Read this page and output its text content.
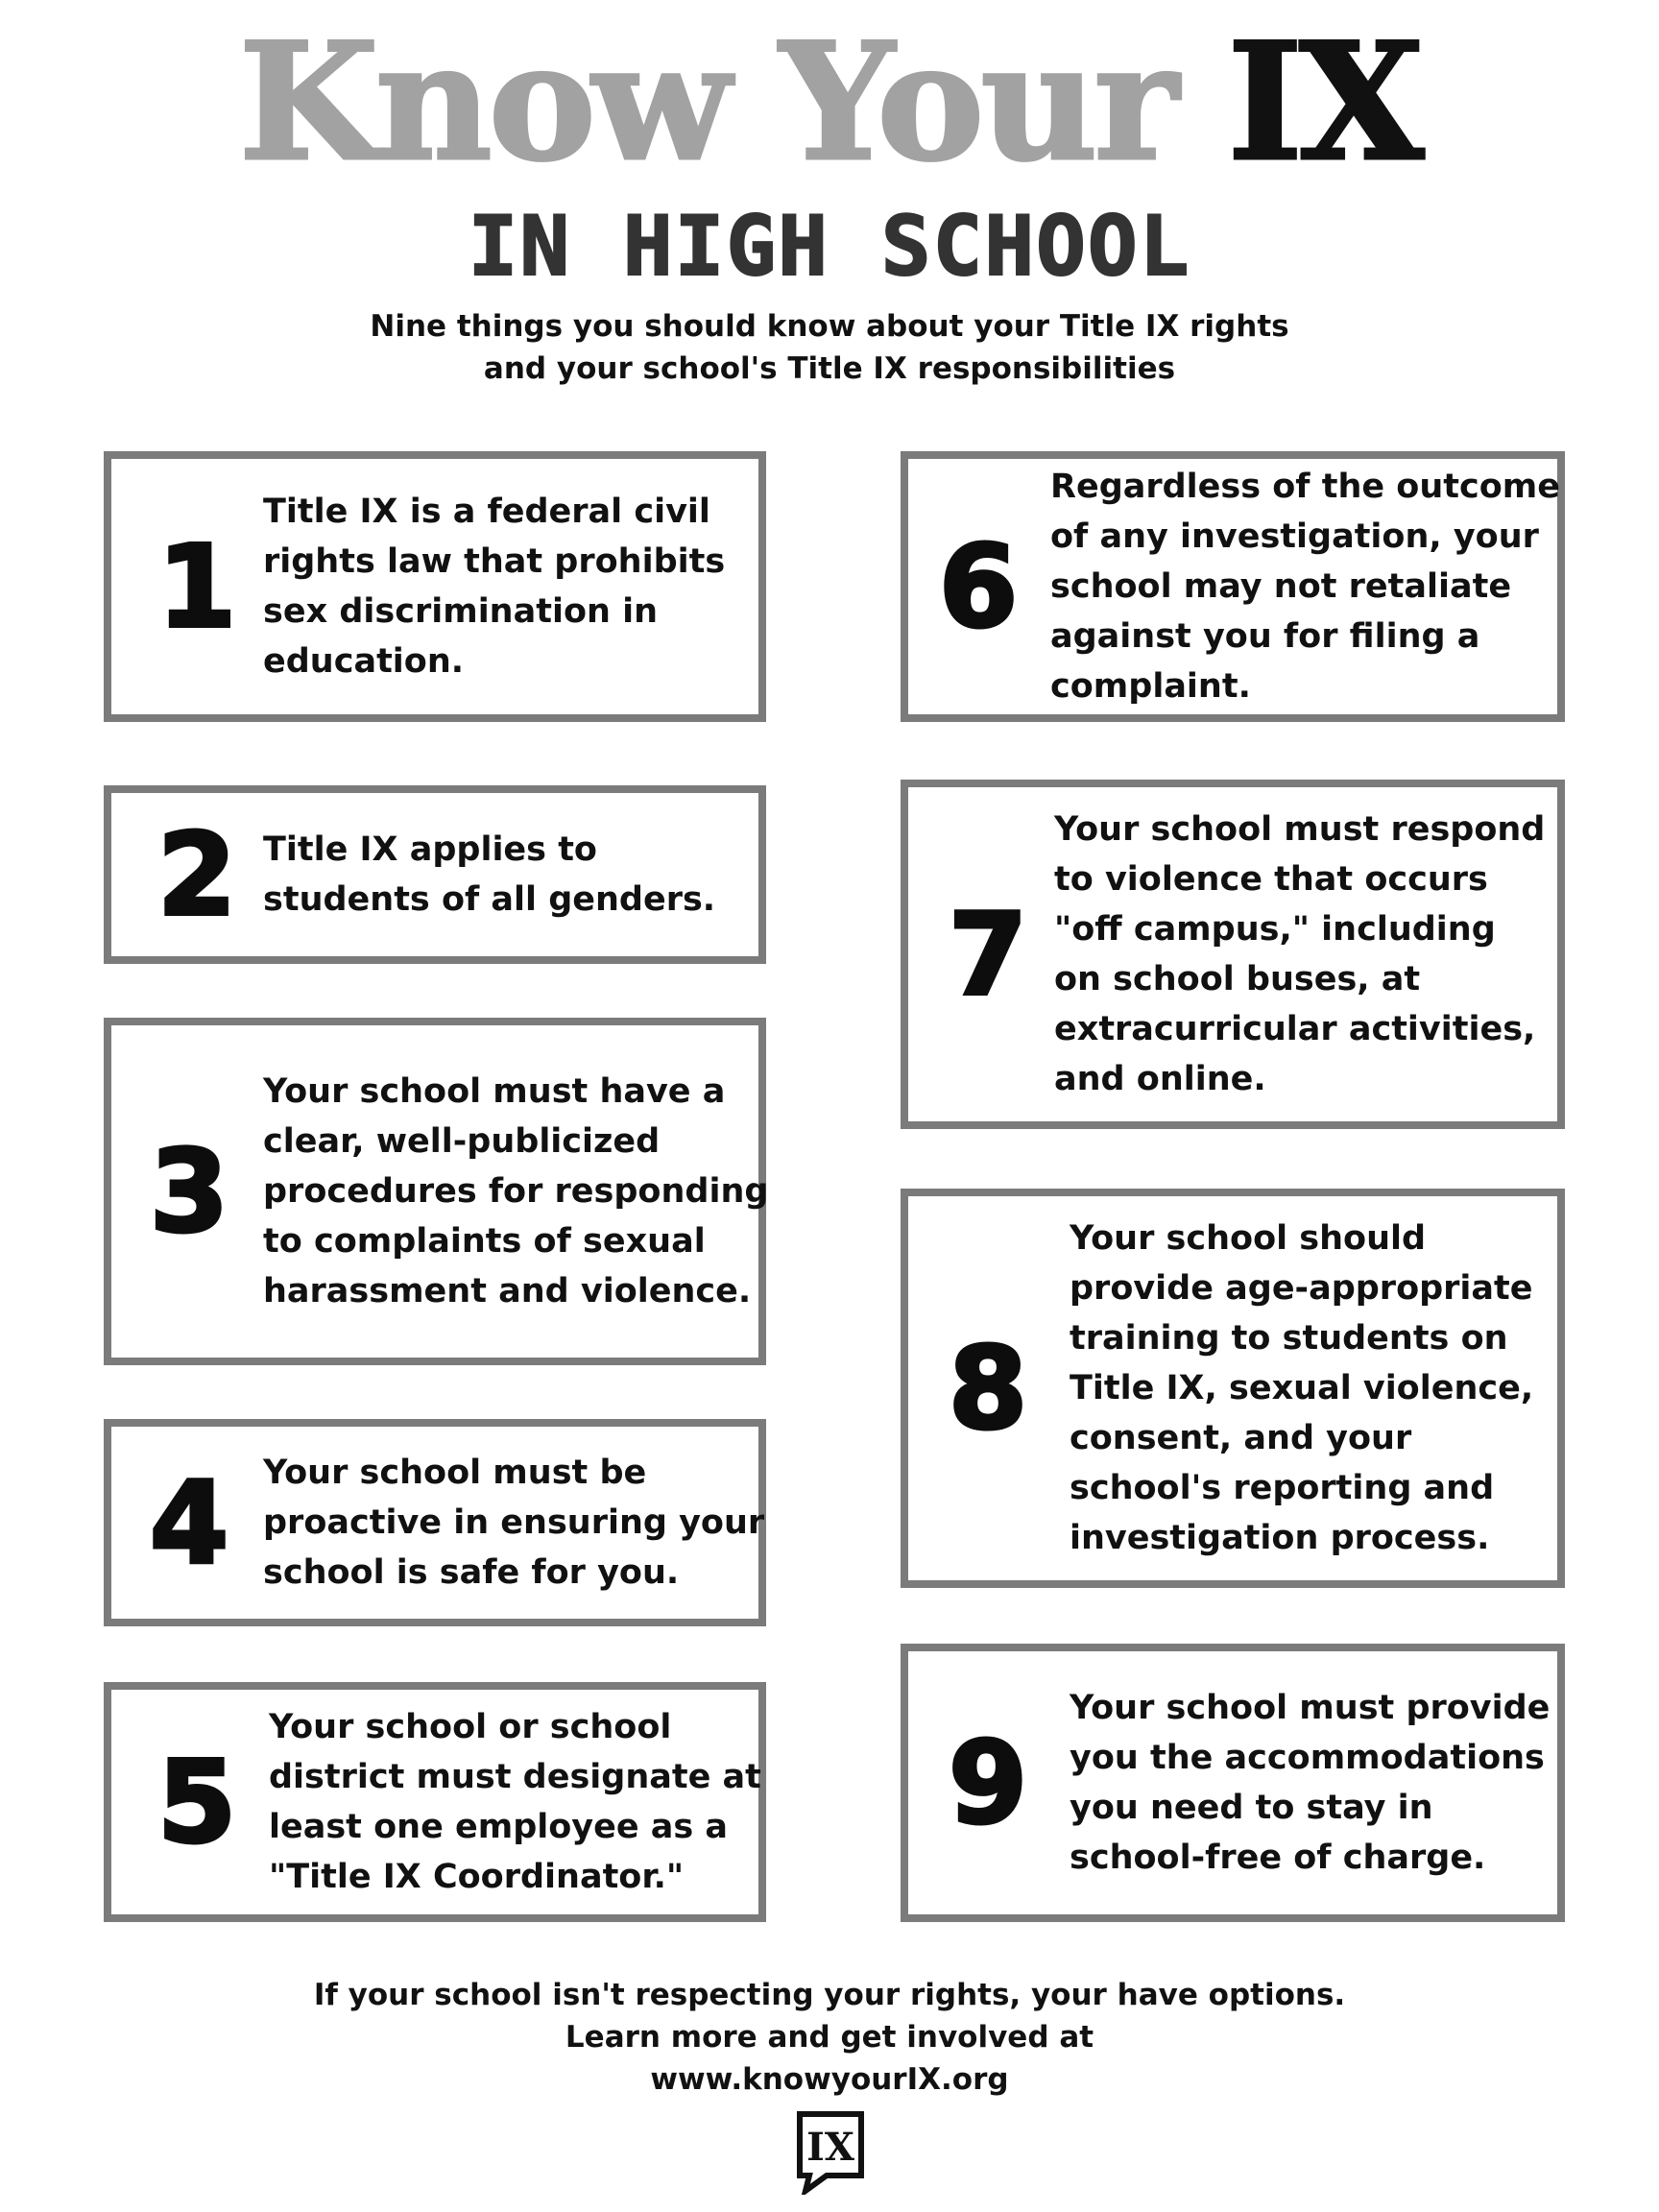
Know Your IX
IN HIGH SCHOOL
Nine things you should know about your Title IX rights
and your school's Title IX responsibilities
1
Title IX is a federal civil
rights law that prohibits
sex discrimination in
education.
2 Title IX applies to
students of all genders.
3
Your school must have a
clear, well-publicized
procedures for responding
to complaints of sexual
harassment and violence.
4 Your school must be
proactive in ensuring your
school is safe for you.
5
Your school or school
district must designate at
least one employee as a
"Title IX Coordinator."
6
Regardless of the outcome
of any investigation, your
school may not retaliate
against you for filing a
complaint.
7
Your school must respond
to violence that occurs
"off campus," including
on school buses, at
extracurricular activities,
and online.
8
Your school should
provide age-appropriate
training to students on
Title IX, sexual violence,
consent, and your
school's reporting and
investigation process.
9
Your school must provide
you the accommodations
you need to stay in
school-free of charge.
If your school isn't respecting your rights, your have options.
Learn more and get involved at
www.knowyourIX.org
IX
